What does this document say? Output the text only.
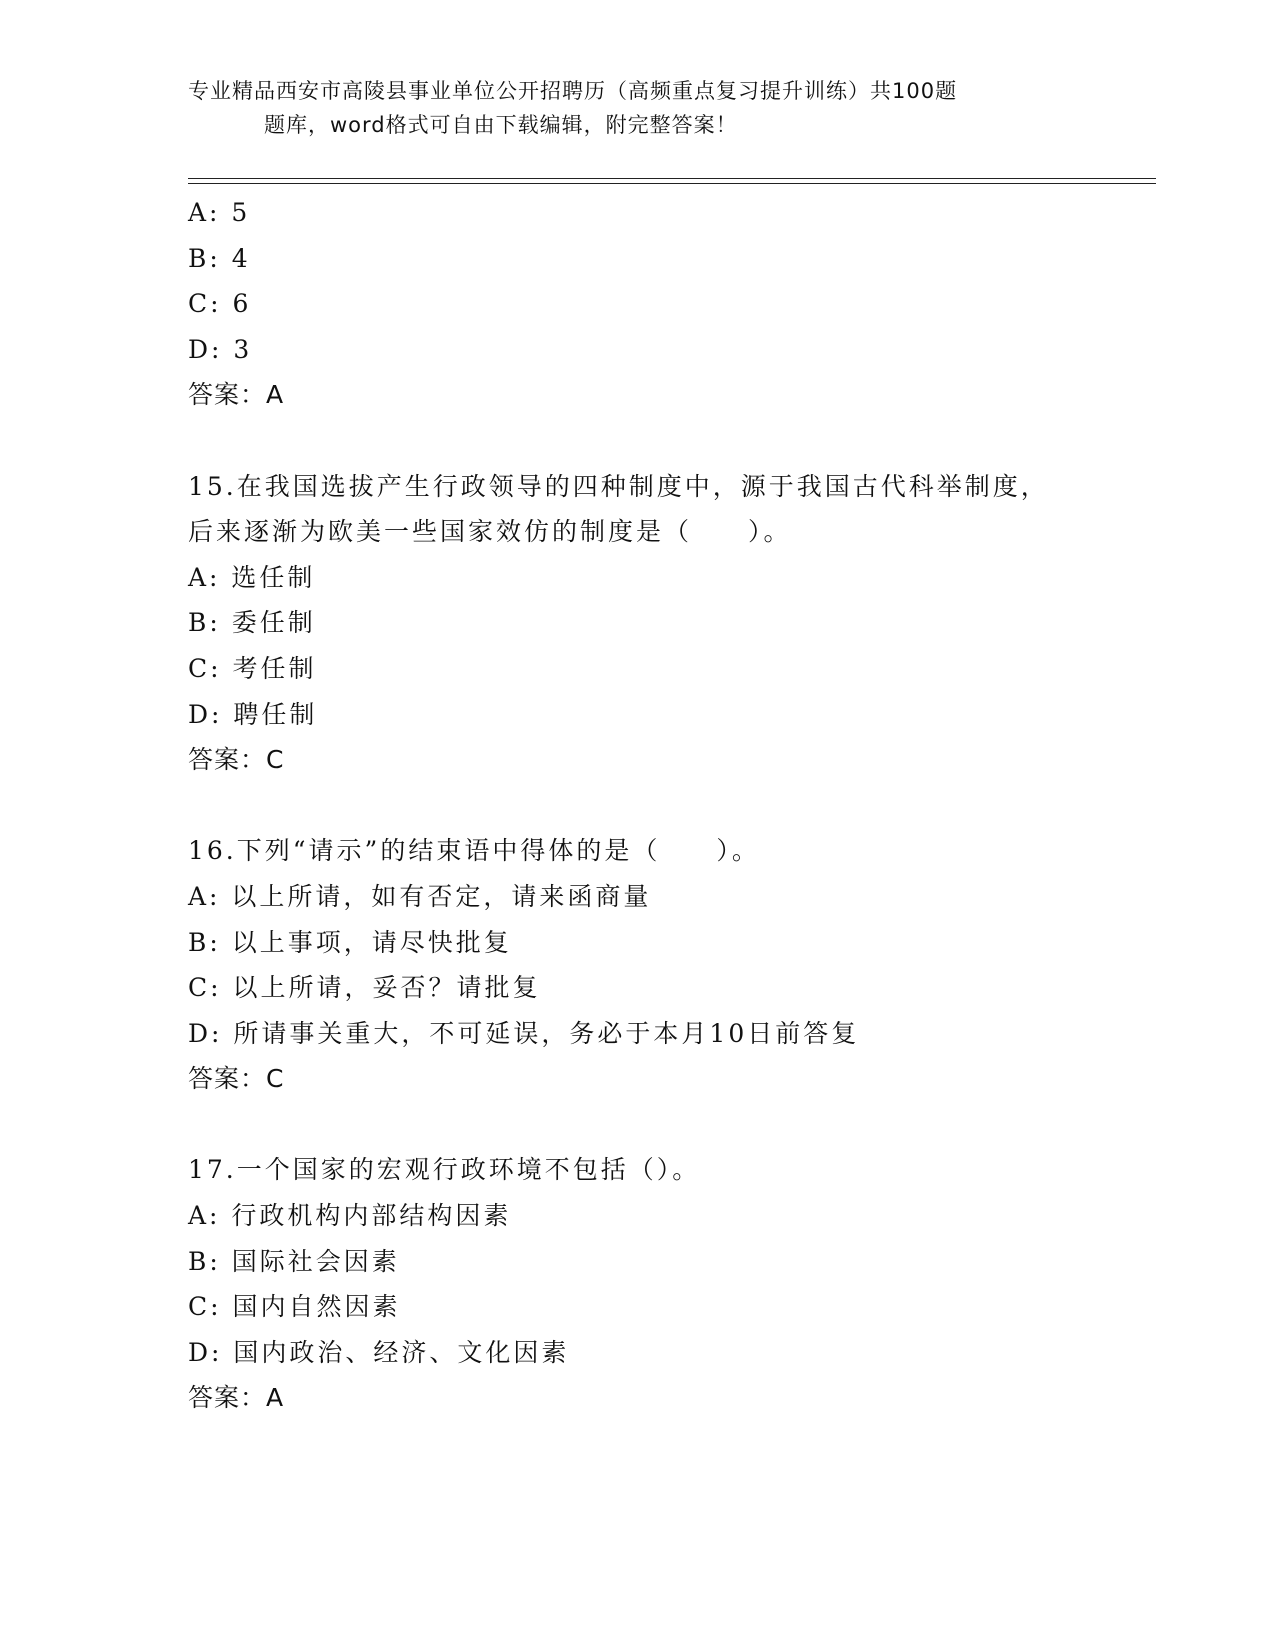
专业精品西安市高陵县事业单位公开招聘历（高频重点复习提升训练）共100题
题库，word格式可自由下载编辑，附完整答案！
A: 5
B: 4
C: 6
D: 3
答案：A
15.在我国选拔产生行政领导的四种制度中，源于我国古代科举制度，
后来逐渐为欧美一些国家效仿的制度是（　　）。
A: 选任制
B: 委任制
C: 考任制
D: 聘任制
答案：C
16.下列“请示”的结束语中得体的是（　　）。
A: 以上所请，如有否定，请来函商量
B: 以上事项，请尽快批复
C: 以上所请，妥否？请批复
D: 所请事关重大，不可延误，务必于本月10日前答复
答案：C
17.一个国家的宏观行政环境不包括（）。
A: 行政机构内部结构因素
B: 国际社会因素
C: 国内自然因素
D: 国内政治、经济、文化因素
答案：A
